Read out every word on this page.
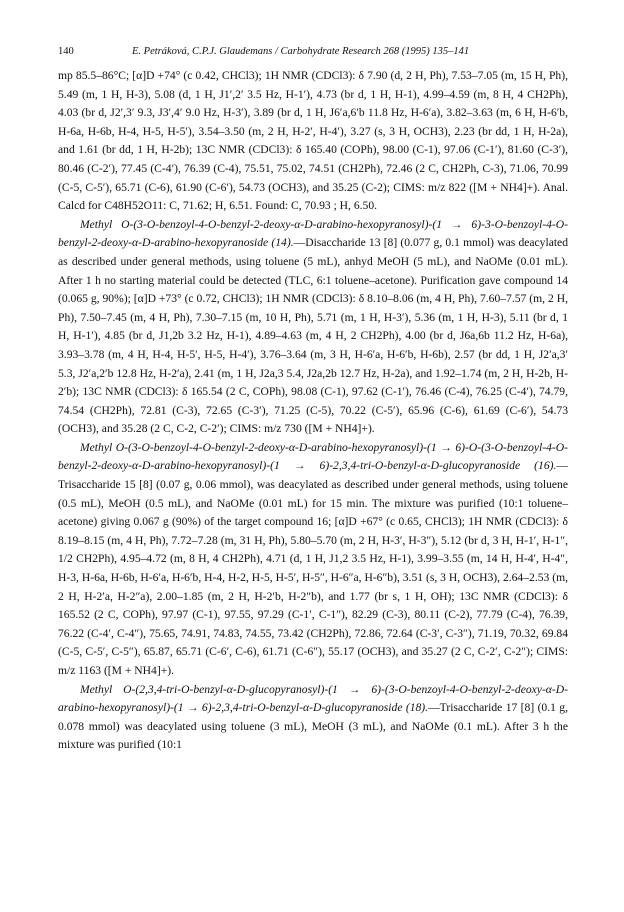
140	E. Petráková, C.P.J. Glaudemans / Carbohydrate Research 268 (1995) 135–141

mp 85.5–86°C; [α]D +74° (c 0.42, CHCl3); 1H NMR (CDCl3): δ 7.90 (d, 2 H, Ph), 7.53–7.05 (m, 15 H, Ph), 5.49 (m, 1 H, H-3), 5.08 (d, 1 H, J1′,2′ 3.5 Hz, H-1′), 4.73 (br d, 1 H, H-1), 4.99–4.59 (m, 8 H, 4 CH2Ph), 4.03 (br d, J2′,3′ 9.3, J3′,4′ 9.0 Hz, H-3′), 3.89 (br d, 1 H, J6′a,6′b 11.8 Hz, H-6′a), 3.82–3.63 (m, 6 H, H-6′b, H-6a, H-6b, H-4, H-5, H-5′), 3.54–3.50 (m, 2 H, H-2′, H-4′), 3.27 (s, 3 H, OCH3), 2.23 (br dd, 1 H, H-2a), and 1.61 (br dd, 1 H, H-2b); 13C NMR (CDCl3): δ 165.40 (COPh), 98.00 (C-1), 97.06 (C-1′), 81.60 (C-3′), 80.46 (C-2′), 77.45 (C-4′), 76.39 (C-4), 75.51, 75.02, 74.51 (CH2Ph), 72.46 (2 C, CH2Ph, C-3), 71.06, 70.99 (C-5, C-5′), 65.71 (C-6), 61.90 (C-6′), 54.73 (OCH3), and 35.25 (C-2); CIMS: m/z 822 ([M + NH4]+). Anal. Calcd for C48H52O11: C, 71.62; H, 6.51. Found: C, 70.93 ; H, 6.50.

Methyl O-(3-O-benzoyl-4-O-benzyl-2-deoxy-α-D-arabino-hexopyranosyl)-(1 → 6)-3-O-benzoyl-4-O-benzyl-2-deoxy-α-D-arabino-hexopyranoside (14).—Disaccharide 13 [8] (0.077 g, 0.1 mmol) was deacylated as described under general methods, using toluene (5 mL), anhyd MeOH (5 mL), and NaOMe (0.01 mL). After 1 h no starting material could be detected (TLC, 6:1 toluene–acetone). Purification gave compound 14 (0.065 g, 90%); [α]D +73° (c 0.72, CHCl3); 1H NMR (CDCl3): δ 8.10–8.06 (m, 4 H, Ph), 7.60–7.57 (m, 2 H, Ph), 7.50–7.45 (m, 4 H, Ph), 7.30–7.15 (m, 10 H, Ph), 5.71 (m, 1 H, H-3′), 5.36 (m, 1 H, H-3), 5.11 (br d, 1 H, H-1′), 4.85 (br d, J1,2b 3.2 Hz, H-1), 4.89–4.63 (m, 4 H, 2 CH2Ph), 4.00 (br d, J6a,6b 11.2 Hz, H-6a), 3.93–3.78 (m, 4 H, H-4, H-5′, H-5, H-4′), 3.76–3.64 (m, 3 H, H-6′a, H-6′b, H-6b), 2.57 (br dd, 1 H, J2′a,3′ 5.3, J2′a,2′b 12.8 Hz, H-2′a), 2.41 (m, 1 H, J2a,3 5.4, J2a,2b 12.7 Hz, H-2a), and 1.92–1.74 (m, 2 H, H-2b, H-2′b); 13C NMR (CDCl3): δ 165.54 (2 C, COPh), 98.08 (C-1), 97.62 (C-1′), 76.46 (C-4), 76.25 (C-4′), 74.79, 74.54 (CH2Ph), 72.81 (C-3), 72.65 (C-3′), 71.25 (C-5), 70.22 (C-5′), 65.96 (C-6), 61.69 (C-6′), 54.73 (OCH3), and 35.28 (2 C, C-2, C-2′); CIMS: m/z 730 ([M + NH4]+).

Methyl O-(3-O-benzoyl-4-O-benzyl-2-deoxy-α-D-arabino-hexopyranosyl)-(1 → 6)-O-(3-O-benzoyl-4-O-benzyl-2-deoxy-α-D-arabino-hexopyranosyl)-(1 → 6)-2,3,4-tri-O-benzyl-α-D-glucopyranoside (16).—Trisaccharide 15 [8] (0.07 g, 0.06 mmol), was deacylated as described under general methods, using toluene (0.5 mL), MeOH (0.5 mL), and NaOMe (0.01 mL) for 15 min. The mixture was purified (10:1 toluene–acetone) giving 0.067 g (90%) of the target compound 16; [α]D +67° (c 0.65, CHCl3); 1H NMR (CDCl3): δ 8.19–8.15 (m, 4 H, Ph), 7.72–7.28 (m, 31 H, Ph), 5.80–5.70 (m, 2 H, H-3′, H-3″), 5.12 (br d, 3 H, H-1′, H-1″, 1/2 CH2Ph), 4.95–4.72 (m, 8 H, 4 CH2Ph), 4.71 (d, 1 H, J1,2 3.5 Hz, H-1), 3.99–3.55 (m, 14 H, H-4′, H-4″, H-3, H-6a, H-6b, H-6′a, H-6′b, H-4, H-2, H-5, H-5′, H-5″, H-6″a, H-6″b), 3.51 (s, 3 H, OCH3), 2.64–2.53 (m, 2 H, H-2′a, H-2″a), 2.00–1.85 (m, 2 H, H-2′b, H-2″b), and 1.77 (br s, 1 H, OH); 13C NMR (CDCl3): δ 165.52 (2 C, COPh), 97.97 (C-1), 97.55, 97.29 (C-1′, C-1″), 82.29 (C-3), 80.11 (C-2), 77.79 (C-4), 76.39, 76.22 (C-4′, C-4″), 75.65, 74.91, 74.83, 74.55, 73.42 (CH2Ph), 72.86, 72.64 (C-3′, C-3″), 71.19, 70.32, 69.84 (C-5, C-5′, C-5″), 65.87, 65.71 (C-6′, C-6), 61.71 (C-6″), 55.17 (OCH3), and 35.27 (2 C, C-2′, C-2″); CIMS: m/z 1163 ([M + NH4]+).

Methyl O-(2,3,4-tri-O-benzyl-α-D-glucopyranosyl)-(1 → 6)-(3-O-benzoyl-4-O-benzyl-2-deoxy-α-D-arabino-hexopyranosyl)-(1 → 6)-2,3,4-tri-O-benzyl-α-D-glucopyranoside (18).—Trisaccharide 17 [8] (0.1 g, 0.078 mmol) was deacylated using toluene (3 mL), MeOH (3 mL), and NaOMe (0.1 mL). After 3 h the mixture was purified (10:1
